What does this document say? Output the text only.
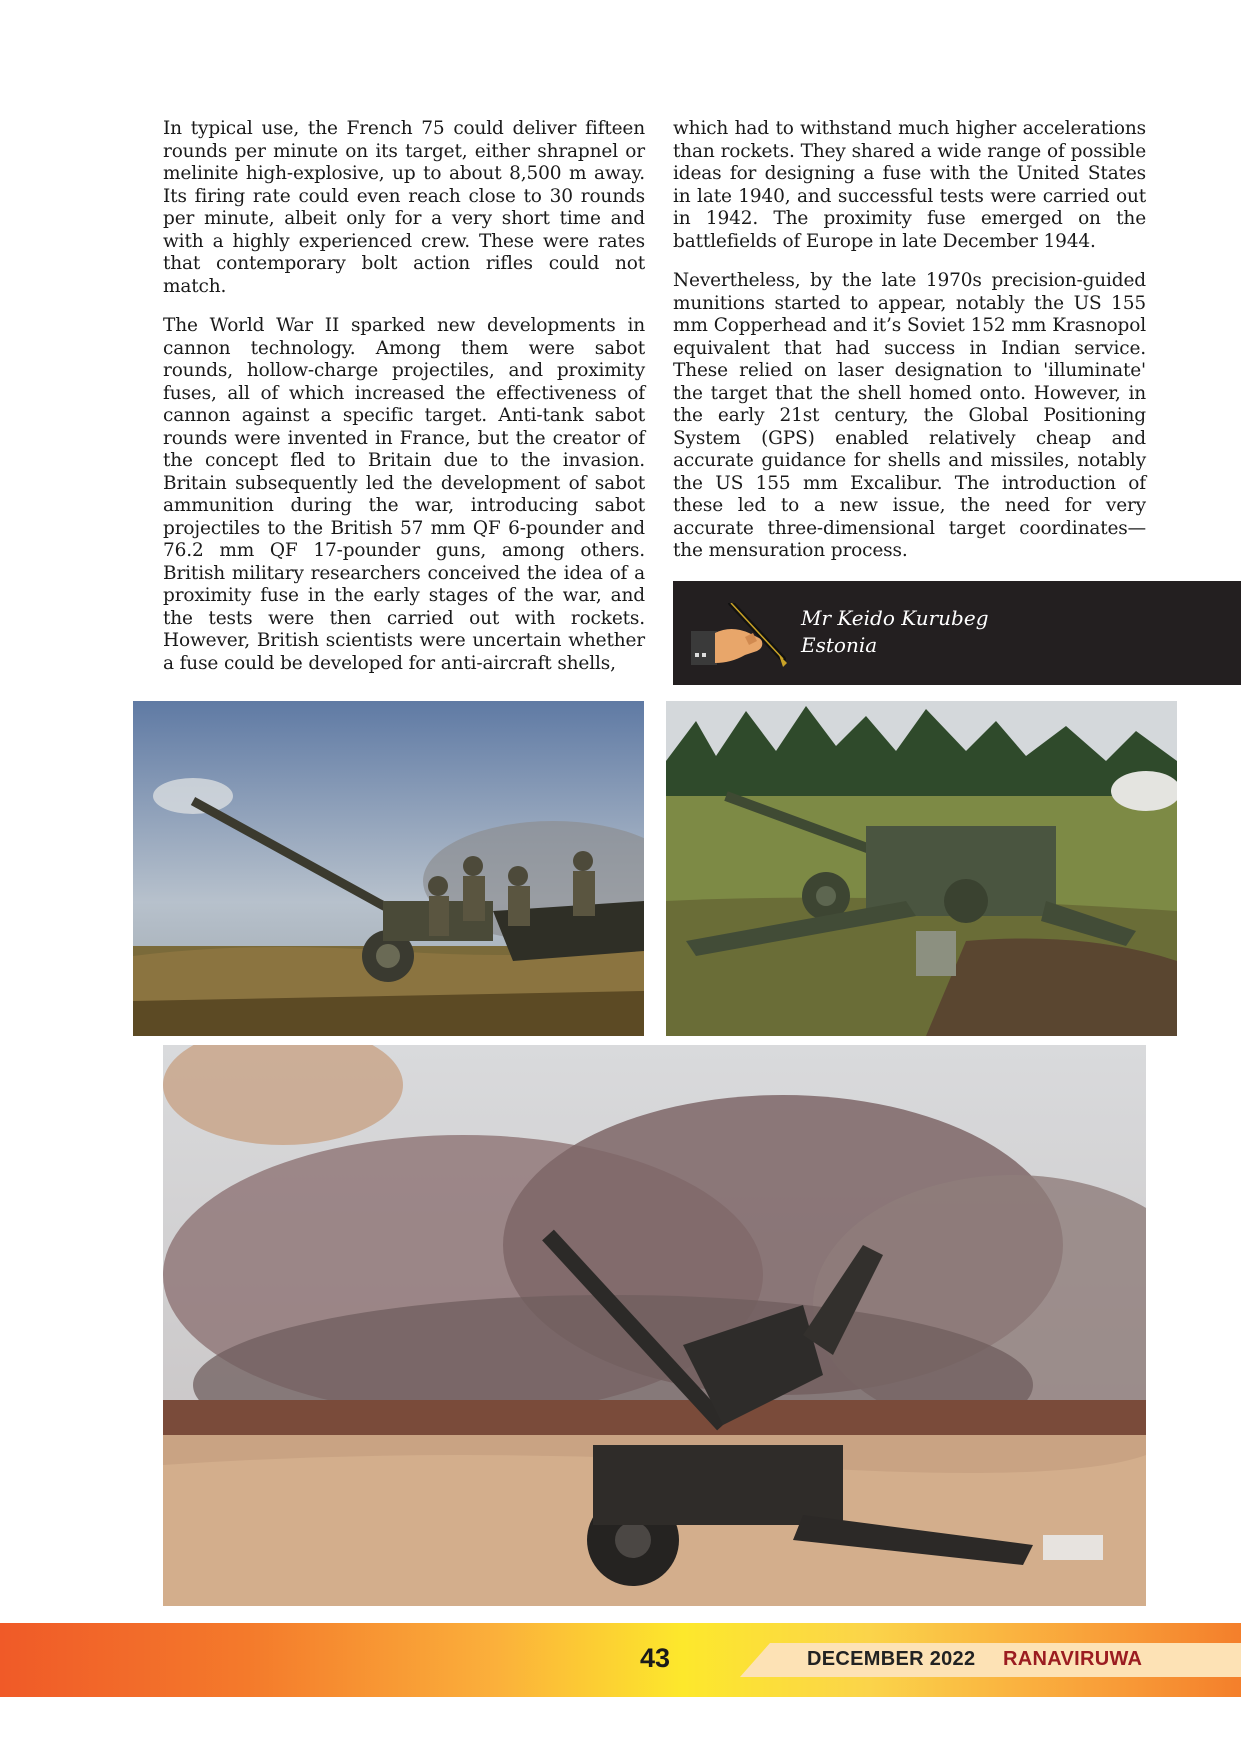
In typical use, the French 75 could deliver fifteen rounds per minute on its target, either shrapnel or melinite high-explosive, up to about 8,500 m away. Its firing rate could even reach close to 30 rounds per minute, albeit only for a very short time and with a highly experienced crew. These were rates that contemporary bolt action rifles could not match.

The World War II sparked new developments in cannon technology. Among them were sabot rounds, hollow-charge projectiles, and proximity fuses, all of which increased the effectiveness of cannon against a specific target. Anti-tank sabot rounds were invented in France, but the creator of the concept fled to Britain due to the invasion. Britain subsequently led the development of sabot ammunition during the war, introducing sabot projectiles to the British 57 mm QF 6-pounder and 76.2 mm QF 17-pounder guns, among others. British military researchers conceived the idea of a proximity fuse in the early stages of the war, and the tests were then carried out with rockets. However, British scientists were uncertain whether a fuse could be developed for anti-aircraft shells,

which had to withstand much higher accelerations than rockets. They shared a wide range of possible ideas for designing a fuse with the United States in late 1940, and successful tests were carried out in 1942. The proximity fuse emerged on the battlefields of Europe in late December 1944.

Nevertheless, by the late 1970s precision-guided munitions started to appear, notably the US 155 mm Copperhead and it’s Soviet 152 mm Krasnopol equivalent that had success in Indian service. These relied on laser designation to 'illuminate' the target that the shell homed onto. However, in the early 21st century, the Global Positioning System (GPS) enabled relatively cheap and accurate guidance for shells and missiles, notably the US 155 mm Excalibur. The introduction of these led to a new issue, the need for very accurate three-dimensional target coordinates—the mensuration process.

Mr Keido Kurubeg
Estonia
43	DECEMBER 2022 RANAVIRUWA
